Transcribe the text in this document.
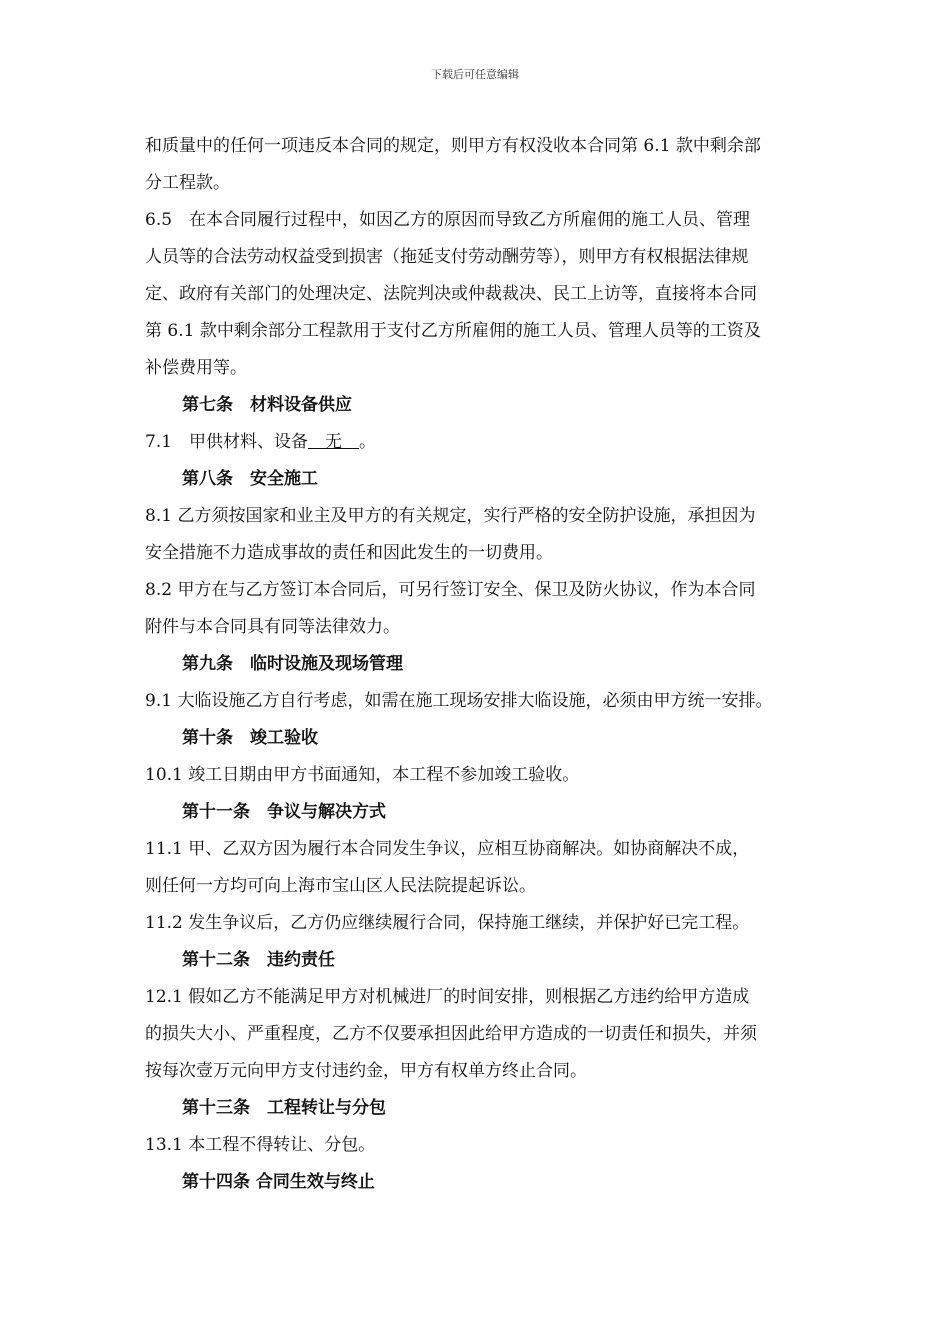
下载后可任意编辑

和质量中的任何一项违反本合同的规定，则甲方有权没收本合同第 6.1 款中剩余部

分工程款。

6.5　在本合同履行过程中，如因乙方的原因而导致乙方所雇佣的施工人员、管理

人员等的合法劳动权益受到损害（拖延支付劳动酬劳等），则甲方有权根据法律规

定、政府有关部门的处理决定、法院判决或仲裁裁决、民工上访等，直接将本合同

第 6.1 款中剩余部分工程款用于支付乙方所雇佣的施工人员、管理人员等的工资及

补偿费用等。

第七条　材料设备供应

7.1　甲供材料、设备　无　。

第八条　安全施工

8.1 乙方须按国家和业主及甲方的有关规定，实行严格的安全防护设施，承担因为

安全措施不力造成事故的责任和因此发生的一切费用。

8.2 甲方在与乙方签订本合同后，可另行签订安全、保卫及防火协议，作为本合同

附件与本合同具有同等法律效力。

第九条　临时设施及现场管理

9.1 大临设施乙方自行考虑，如需在施工现场安排大临设施，必须由甲方统一安排。

第十条　竣工验收

10.1 竣工日期由甲方书面通知，本工程不参加竣工验收。

第十一条　争议与解决方式

11.1 甲、乙双方因为履行本合同发生争议，应相互协商解决。如协商解决不成，

则任何一方均可向上海市宝山区人民法院提起诉讼。

11.2 发生争议后，乙方仍应继续履行合同，保持施工继续，并保护好已完工程。

第十二条　违约责任

12.1 假如乙方不能满足甲方对机械进厂的时间安排，则根据乙方违约给甲方造成

的损失大小、严重程度，乙方不仅要承担因此给甲方造成的一切责任和损失，并须

按每次壹万元向甲方支付违约金，甲方有权单方终止合同。

第十三条　工程转让与分包

13.1 本工程不得转让、分包。

第十四条 合同生效与终止
